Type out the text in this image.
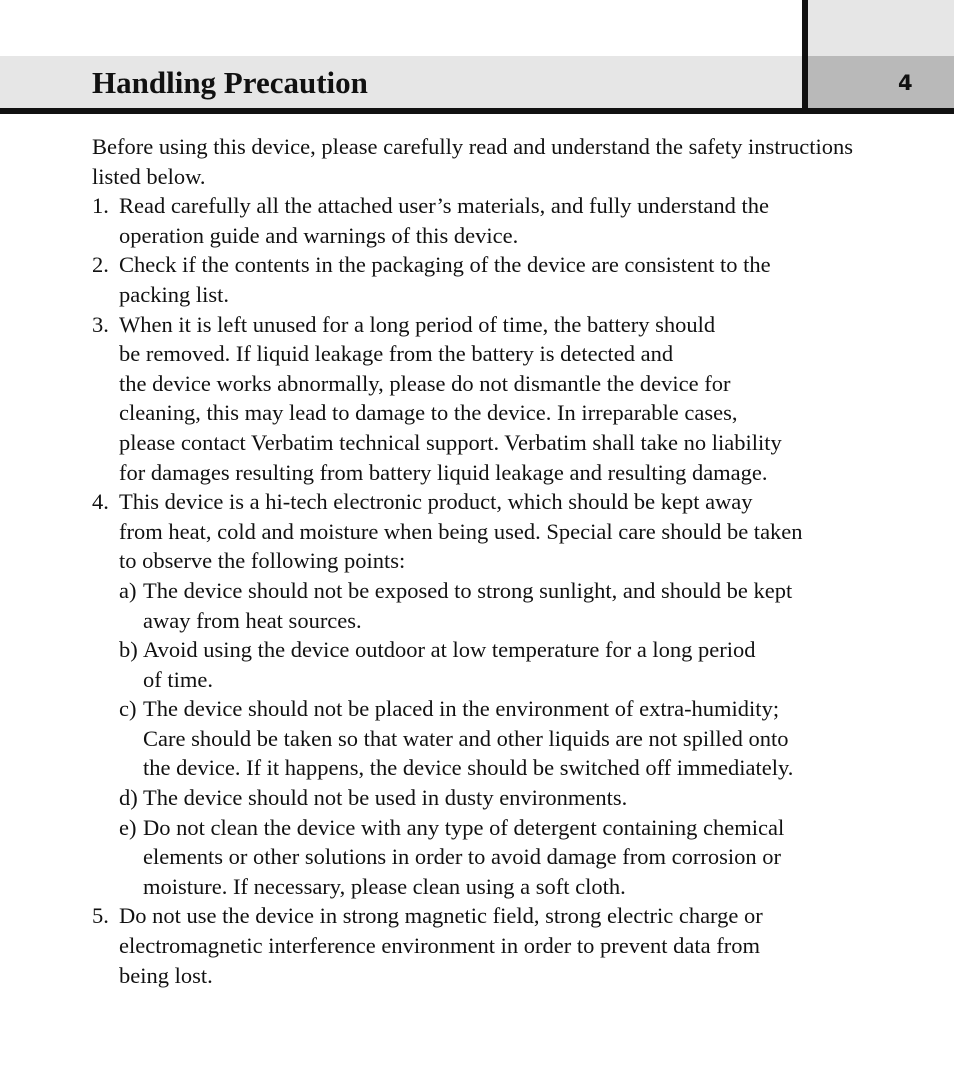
Handling Precaution	4

Before using this device, please carefully read and understand the safety instructions listed below.

1. Read carefully all the attached user’s materials, and fully understand the
operation guide and warnings of this device.
2. Check if the contents in the packaging of the device are consistent to the
packing list.
3. When it is left unused for a long period of time, the battery should
be removed. If liquid leakage from the battery is detected and
the device works abnormally, please do not dismantle the device for
cleaning, this may lead to damage to the device. In irreparable cases,
please contact Verbatim technical support. Verbatim shall take no liability
for damages resulting from battery liquid leakage and resulting damage.
4. This device is a hi-tech electronic product, which should be kept away
from heat, cold and moisture when being used. Special care should be taken
to observe the following points:
a) The device should not be exposed to strong sunlight, and should be kept
away from heat sources.
b) Avoid using the device outdoor at low temperature for a long period
of time.
c) The device should not be placed in the environment of extra-humidity;
Care should be taken so that water and other liquids are not spilled onto
the device. If it happens, the device should be switched off immediately.
d) The device should not be used in dusty environments.
e) Do not clean the device with any type of detergent containing chemical
elements or other solutions in order to avoid damage from corrosion or
moisture. If necessary, please clean using a soft cloth.
5. Do not use the device in strong magnetic field, strong electric charge or
electromagnetic interference environment in order to prevent data from
being lost.
